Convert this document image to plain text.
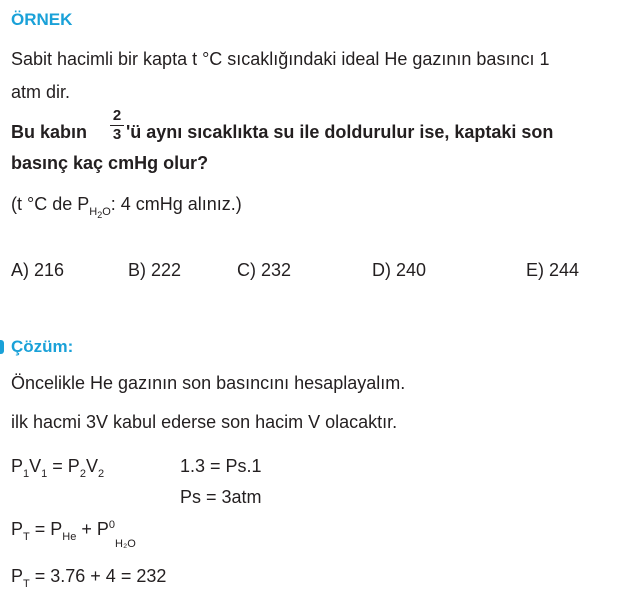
ÖRNEK
Sabit hacimli bir kapta t °C sıcaklığındaki ideal He gazının basıncı 1
atm dir.
Bu kabın
2
3 'ü aynı sıcaklıkta su ile doldurulur ise, kaptaki son
basınç kaç cmHg olur?
(t °C de $P_{H_2O}$: 4 cmHg alınız.)
A) 216	B) 222	C) 232	D) 240	E) 244
Çözüm:
Öncelikle He gazının son basıncını hesaplayalım.
ilk hacmi 3V kabul ederse son hacim V olacaktır.
$P_1V_1 = P_2V_2$	1.3 = Ps.1
Ps = 3atm
$P_T = P_{He} + P^0_{H_2O}$
$P_T = 3.76 + 4 = 232$
